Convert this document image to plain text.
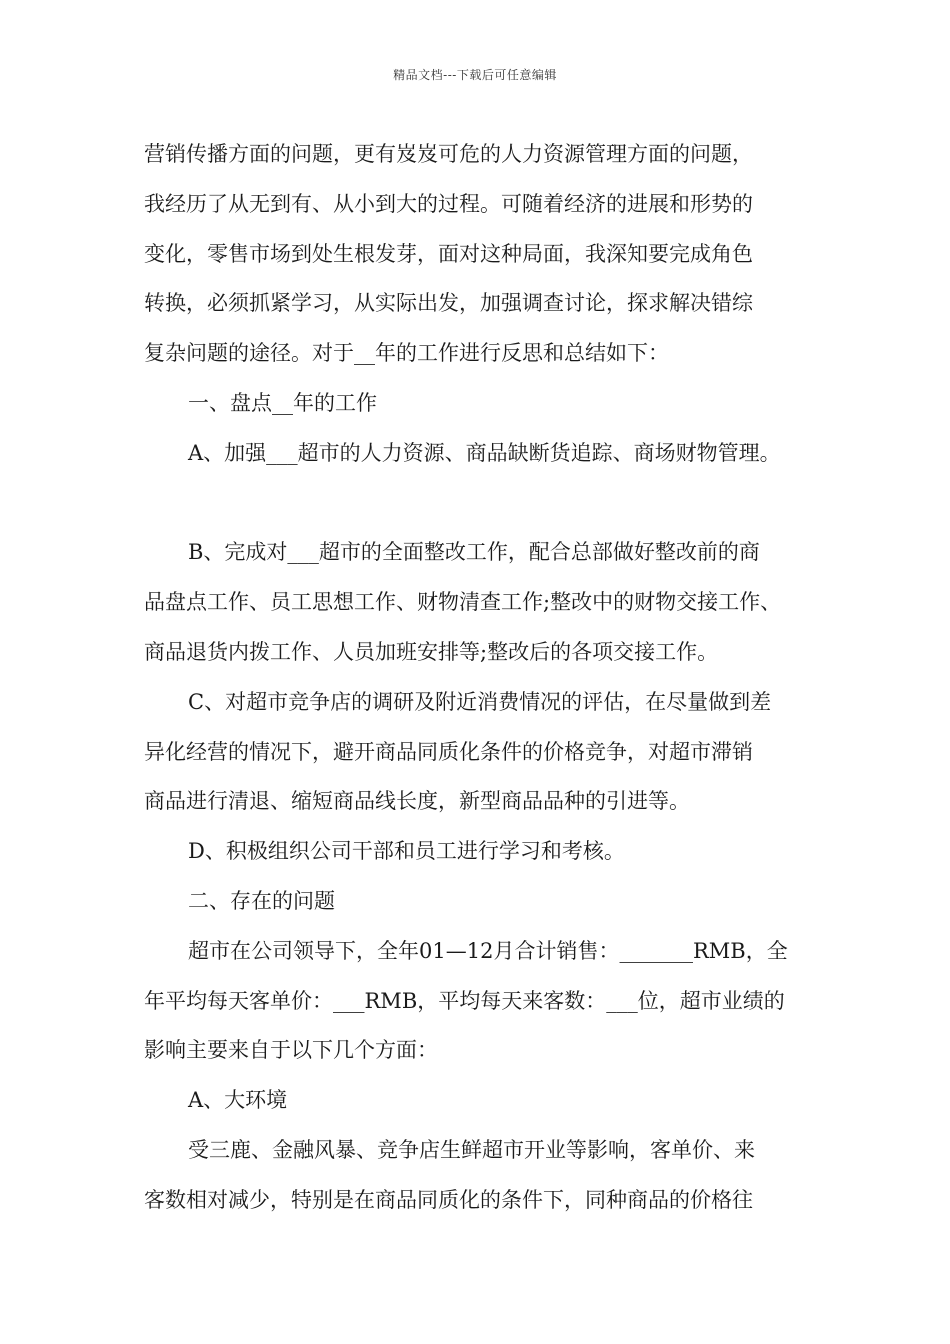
精品文档---下载后可任意编辑
营销传播方面的问题，更有岌岌可危的人力资源管理方面的问题，
我经历了从无到有、从小到大的过程。可随着经济的进展和形势的
变化，零售市场到处生根发芽，面对这种局面，我深知要完成角色
转换，必须抓紧学习，从实际出发，加强调查讨论，探求解决错综
复杂问题的途径。对于__年的工作进行反思和总结如下：
一、盘点__年的工作
A、加强___超市的人力资源、商品缺断货追踪、商场财物管理。
B、完成对___超市的全面整改工作，配合总部做好整改前的商
品盘点工作、员工思想工作、财物清查工作;整改中的财物交接工作、
商品退货内拨工作、人员加班安排等;整改后的各项交接工作。
C、对超市竞争店的调研及附近消费情况的评估，在尽量做到差
异化经营的情况下，避开商品同质化条件的价格竞争，对超市滞销
商品进行清退、缩短商品线长度，新型商品品种的引进等。
D、积极组织公司干部和员工进行学习和考核。
二、存在的问题
超市在公司领导下，全年01—12月合计销售：_______RMB，全
年平均每天客单价：___RMB，平均每天来客数：___位，超市业绩的
影响主要来自于以下几个方面：
A、大环境
受三鹿、金融风暴、竞争店生鲜超市开业等影响，客单价、来
客数相对减少，特别是在商品同质化的条件下，同种商品的价格往
